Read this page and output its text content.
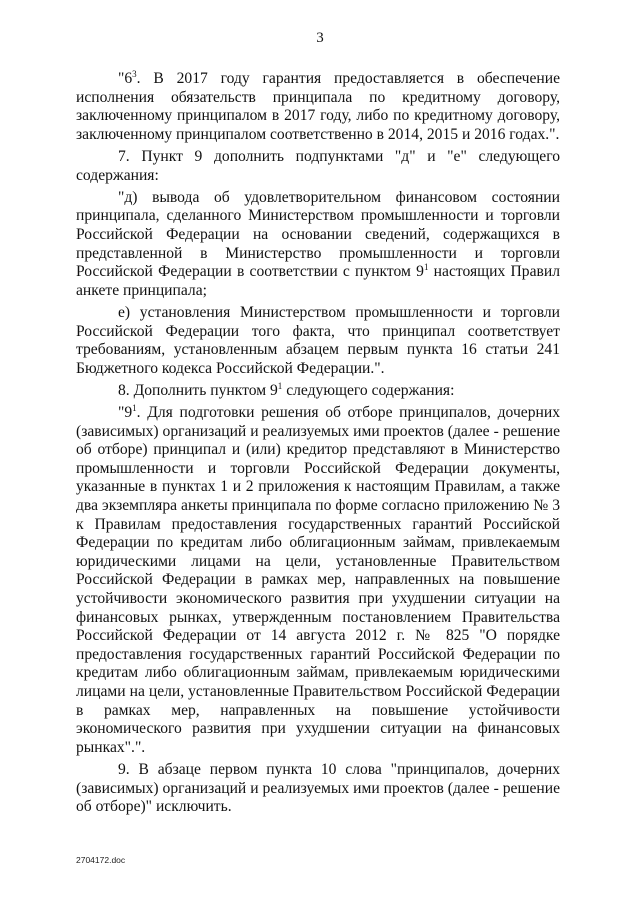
3

"$6^3$. В 2017 году гарантия предоставляется в обеспечение исполнения обязательств принципала по кредитному договору, заключенному принципалом в 2017 году, либо по кредитному договору, заключенному принципалом соответственно в 2014, 2015 и 2016 годах.".

7. Пункт 9 дополнить подпунктами "д" и "е" следующего содержания:

"д) вывода об удовлетворительном финансовом состоянии принципала, сделанного Министерством промышленности и торговли Российской Федерации на основании сведений, содержащихся в представленной в Министерство промышленности и торговли Российской Федерации в соответствии с пунктом $9^1$ настоящих Правил анкете принципала;

е) установления Министерством промышленности и торговли Российской Федерации того факта, что принципал соответствует требованиям, установленным абзацем первым пункта 16 статьи 241 Бюджетного кодекса Российской Федерации.".

8. Дополнить пунктом $9^1$ следующего содержания:

"$9^1$. Для подготовки решения об отборе принципалов, дочерних (зависимых) организаций и реализуемых ими проектов (далее - решение об отборе) принципал и (или) кредитор представляют в Министерство промышленности и торговли Российской Федерации документы, указанные в пунктах 1 и 2 приложения к настоящим Правилам, а также два экземпляра анкеты принципала по форме согласно приложению № 3 к Правилам предоставления государственных гарантий Российской Федерации по кредитам либо облигационным займам, привлекаемым юридическими лицами на цели, установленные Правительством Российской Федерации в рамках мер, направленных на повышение устойчивости экономического развития при ухудшении ситуации на финансовых рынках, утвержденным постановлением Правительства Российской Федерации от 14 августа 2012 г. № 825 "О порядке предоставления государственных гарантий Российской Федерации по кредитам либо облигационным займам, привлекаемым юридическими лицами на цели, установленные Правительством Российской Федерации в рамках мер, направленных на повышение устойчивости экономического развития при ухудшении ситуации на финансовых рынках".".

9. В абзаце первом пункта 10 слова "принципалов, дочерних (зависимых) организаций и реализуемых ими проектов (далее - решение об отборе)" исключить.

2704172.doc
